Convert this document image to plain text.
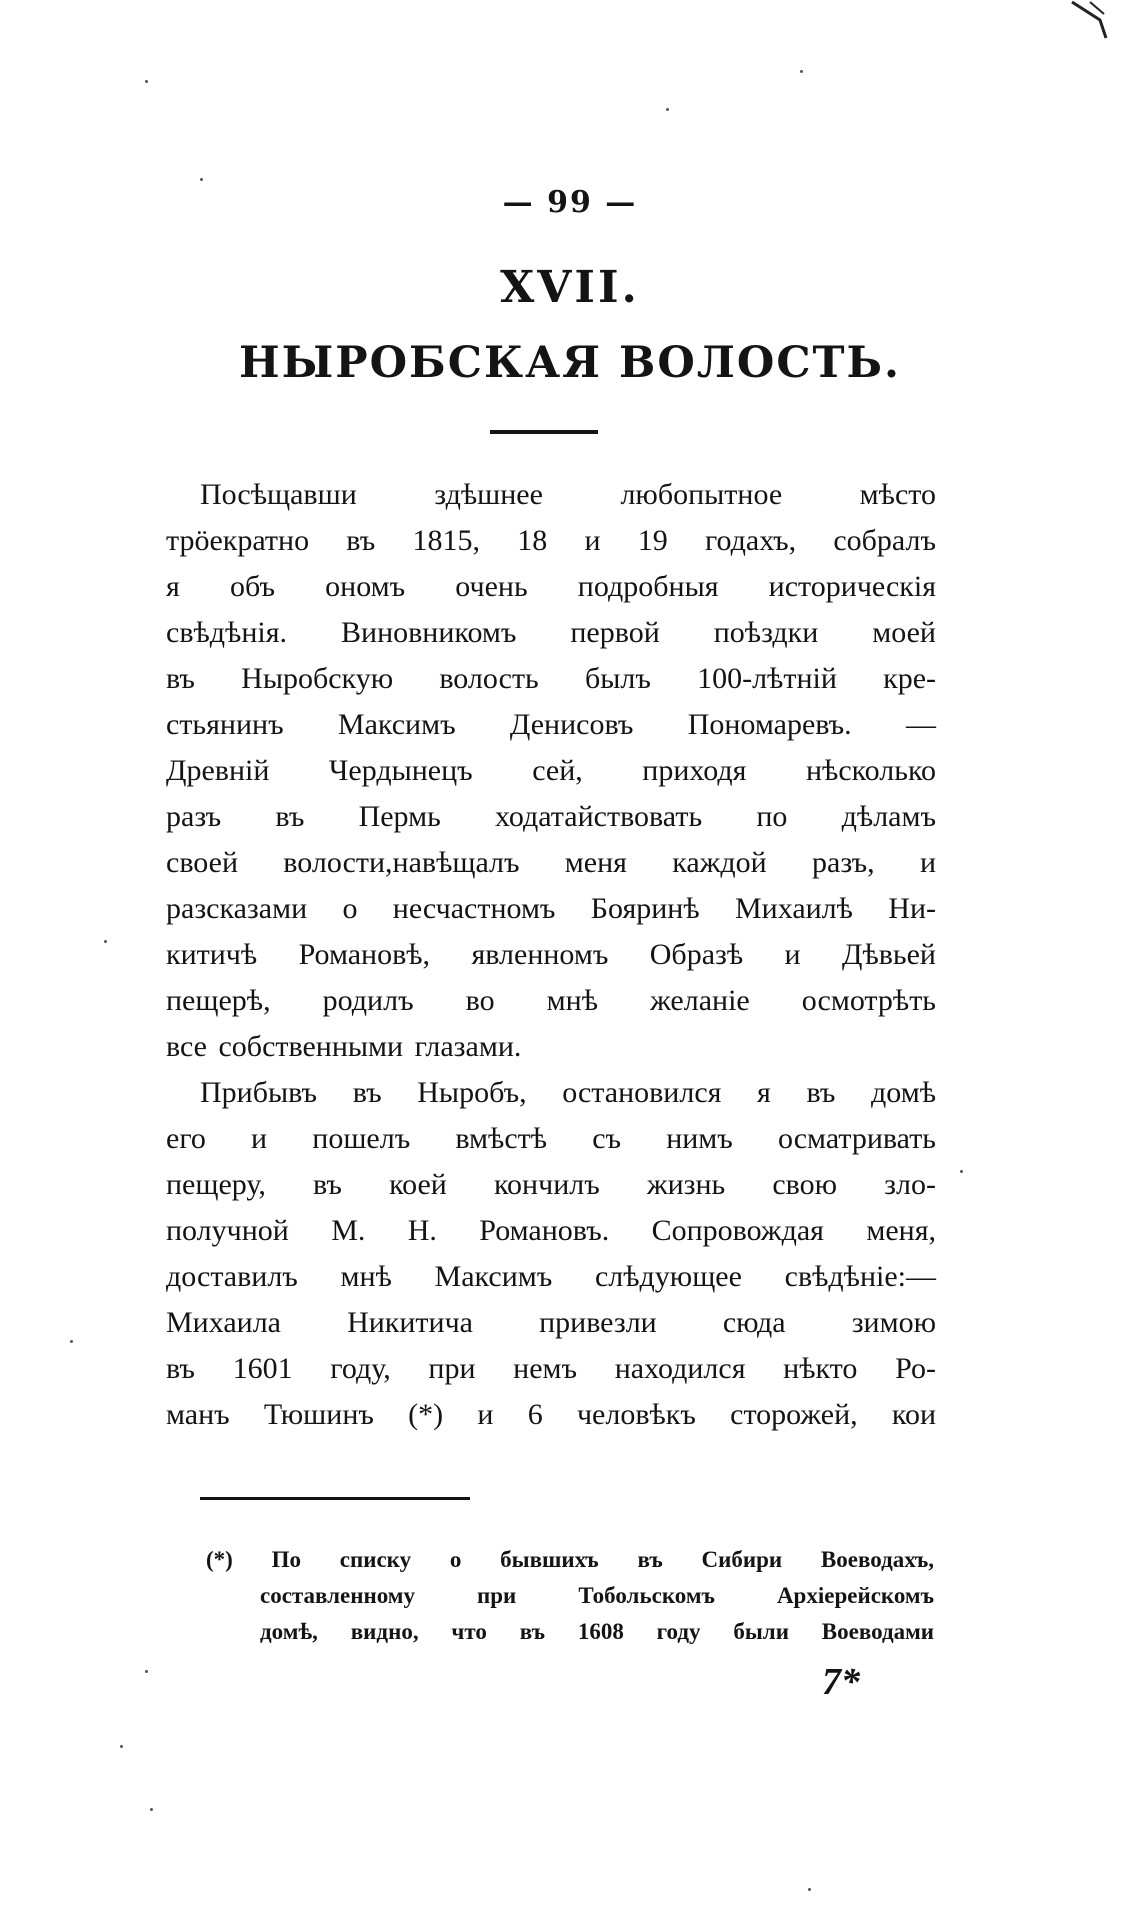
— 99 —
XVII.
НЫРОБСКАЯ ВОЛОСТЬ.
Посѣщавши здѣшнее любопытное мѣсто
трöекратно въ 1815, 18 и 19 годахъ, собралъ
я объ ономъ очень подробныя историческія
свѣдѣнія. Виновникомъ первой поѣздки моей
въ Ныробскую волость былъ 100-лѣтній кре-
стьянинъ Максимъ Денисовъ Пономаревъ. —
Древній Чердынецъ сей, приходя нѣсколько
разъ въ Пермь ходатайствовать по дѣламъ
своей волости,навѣщалъ меня каждой разъ, и
разсказами о несчастномъ Бояринѣ Михаилѣ Ни-
китичѣ Романовѣ, явленномъ Образѣ и Дѣвьей
пещерѣ, родилъ во мнѣ желаніе осмотрѣть
все собственными глазами.
Прибывъ въ Ныробъ, остановился я въ домѣ
его и пошелъ вмѣстѣ съ нимъ осматривать
пещеру, въ коей кончилъ жизнь свою зло-
получной М. Н. Романовъ. Сопровождая меня,
доставилъ мнѣ Максимъ слѣдующее свѣдѣніе:—
Михаила Никитича привезли сюда зимою
въ 1601 году, при немъ находился нѣкто Ро-
манъ Тюшинъ (*) и 6 человѣкъ сторожей, кои
(*) По списку о бывшихъ въ Сибири Воеводахъ,
составленному при Тобольскомъ Архіерейскомъ
домѣ, видно, что въ 1608 году были Воеводами
7*
